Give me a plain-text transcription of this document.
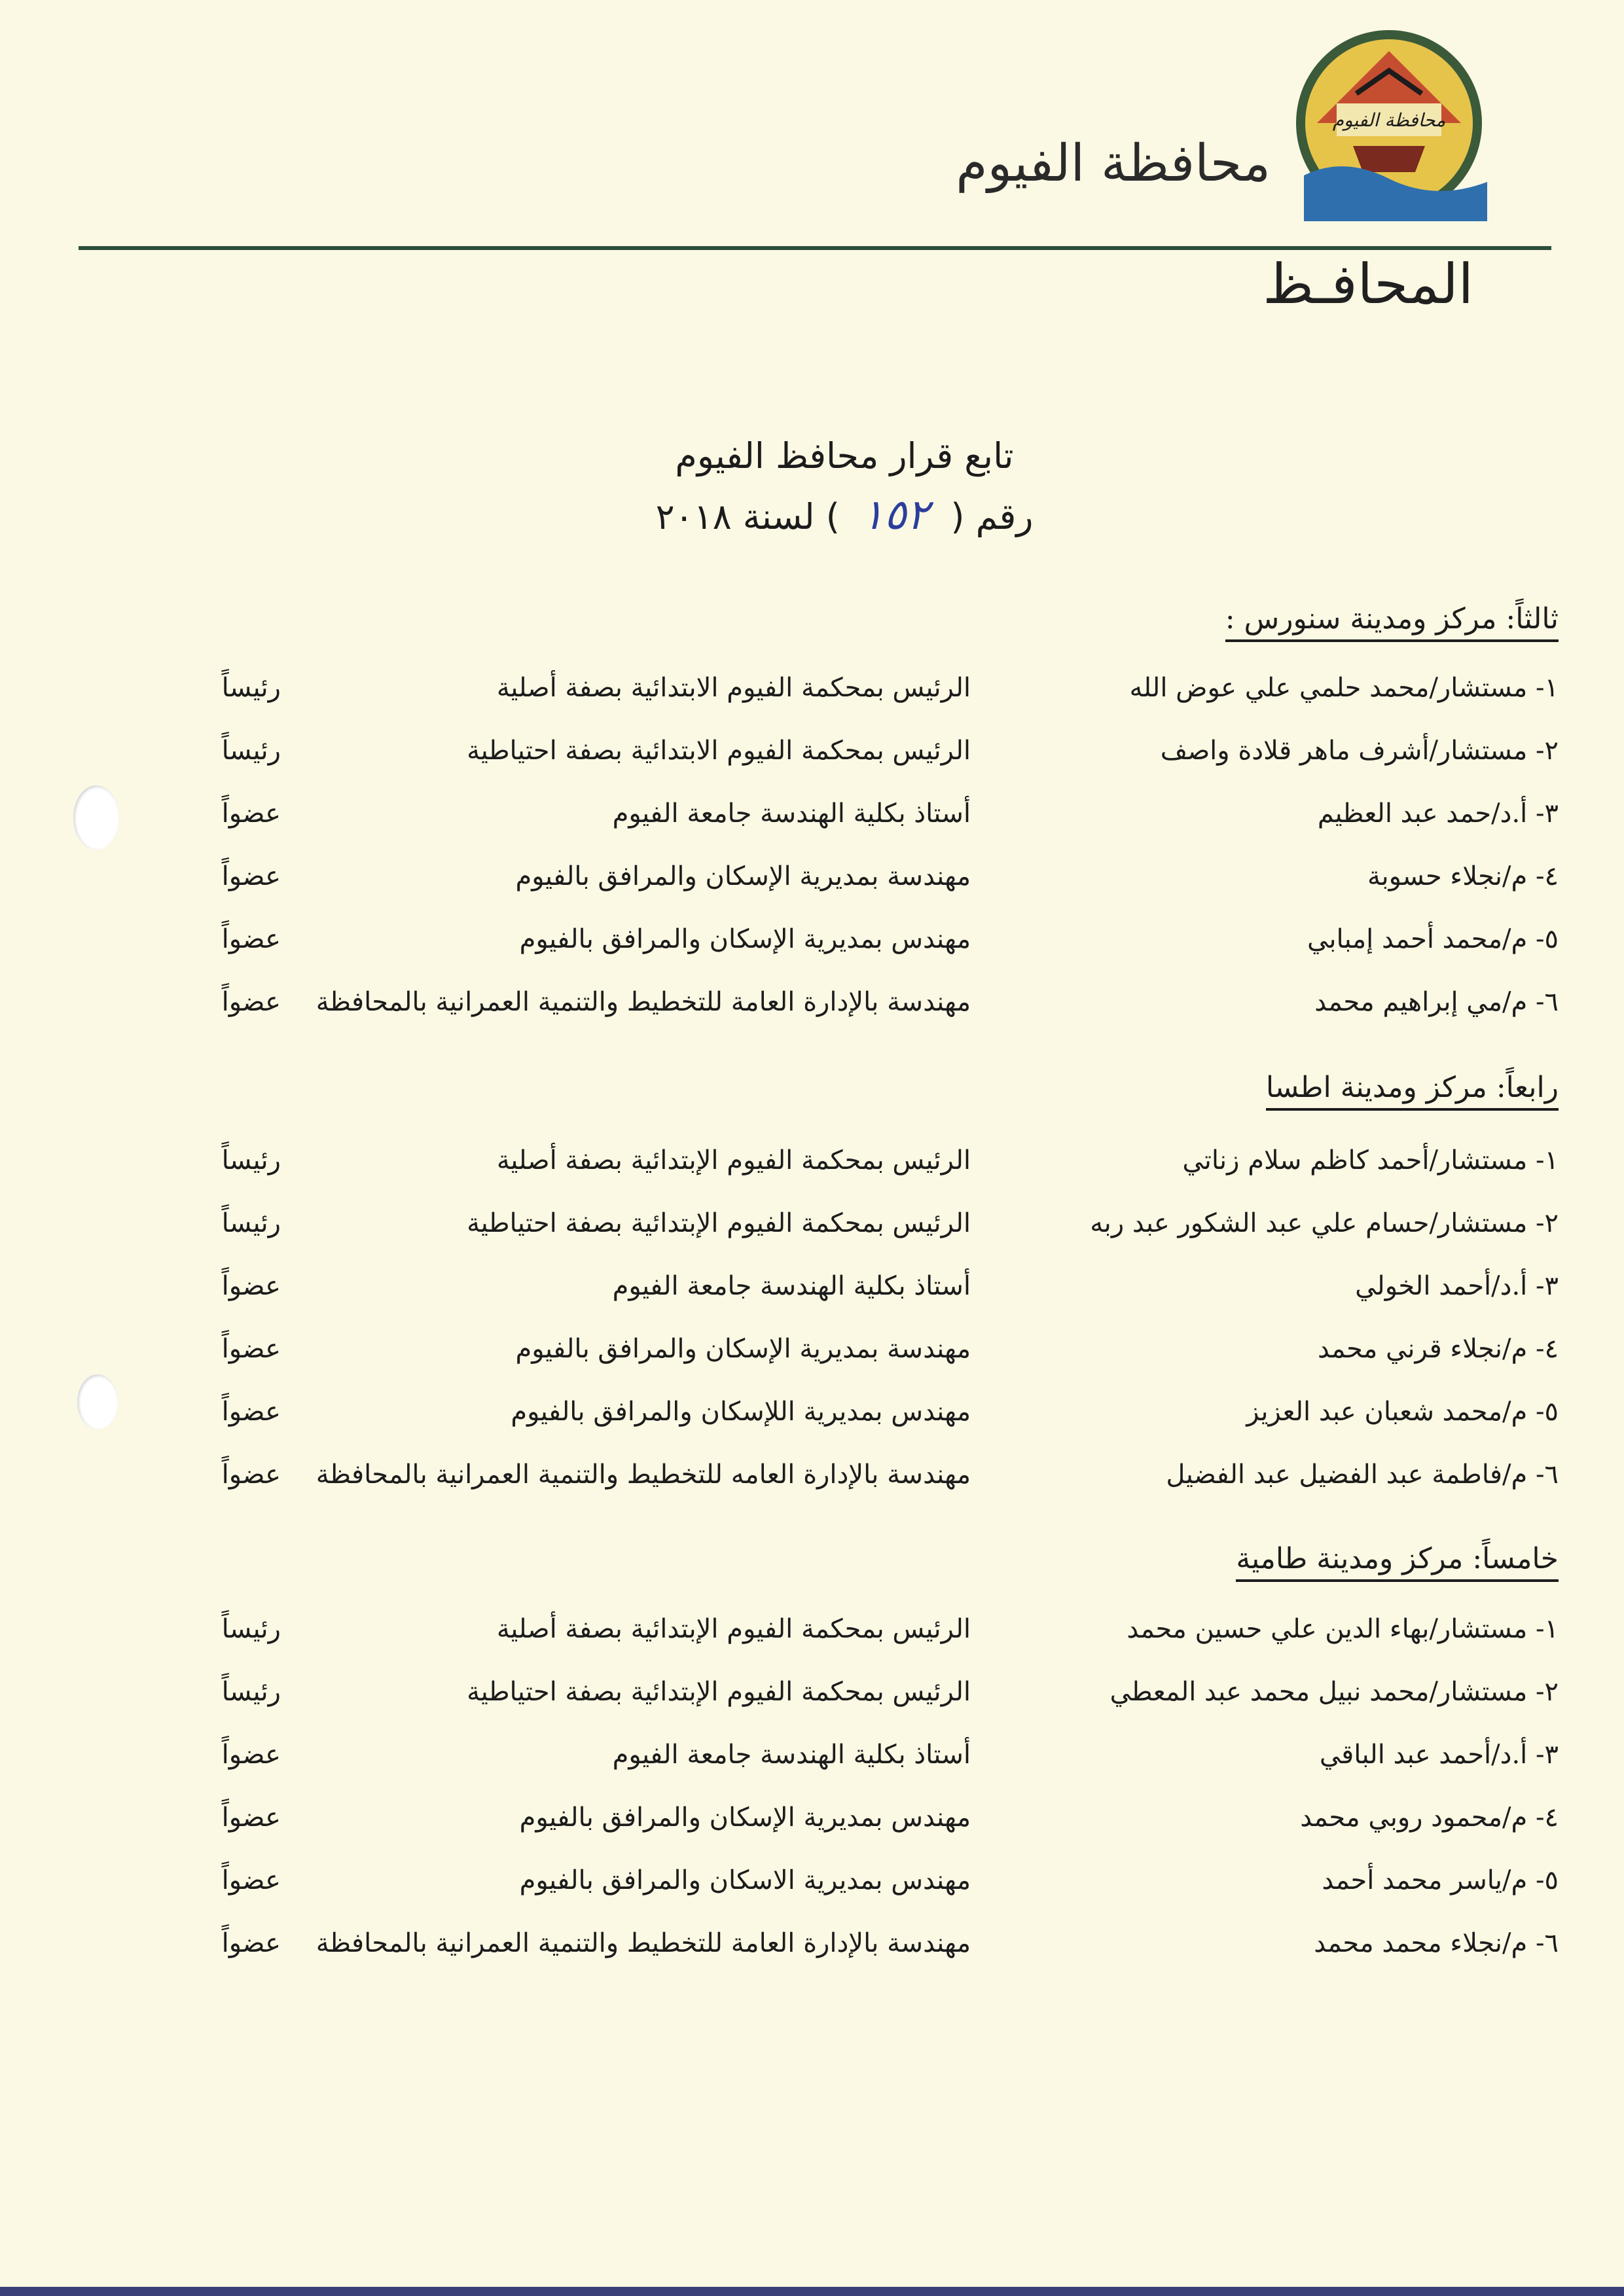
محافظة الفيوم
محافظة الفيوم
المحافـظ
تابع قرار محافظ الفيوم
رقم ( ١٥٢ ) لسنة ٢٠١٨
ثالثاً: مركز ومدينة سنورس :
١- مستشار/محمد حلمي علي عوض الله
الرئيس بمحكمة الفيوم الابتدائية بصفة أصلية
رئيساً
٢- مستشار/أشرف ماهر قلادة واصف
الرئيس بمحكمة الفيوم الابتدائية بصفة احتياطية
رئيساً
٣- أ.د/حمد عبد العظيم
أستاذ بكلية الهندسة جامعة الفيوم
عضواً
٤- م/نجلاء حسوبة
مهندسة بمديرية الإسكان والمرافق بالفيوم
عضواً
٥- م/محمد أحمد إمبابي
مهندس بمديرية الإسكان والمرافق بالفيوم
عضواً
٦- م/مي إبراهيم محمد
مهندسة بالإدارة العامة للتخطيط والتنمية العمرانية بالمحافظة
عضواً
رابعاً: مركز ومدينة اطسا
١- مستشار/أحمد كاظم سلام زناتي
الرئيس بمحكمة الفيوم الإبتدائية بصفة أصلية
رئيساً
٢- مستشار/حسام علي عبد الشكور عبد ربه
الرئيس بمحكمة الفيوم الإبتدائية بصفة احتياطية
رئيساً
٣- أ.د/أحمد الخولي
أستاذ بكلية الهندسة جامعة الفيوم
عضواً
٤- م/نجلاء قرني محمد
مهندسة بمديرية الإسكان والمرافق بالفيوم
عضواً
٥- م/محمد شعبان عبد العزيز
مهندس بمديرية اللإسكان والمرافق بالفيوم
عضواً
٦- م/فاطمة عبد الفضيل عبد الفضيل
مهندسة بالإدارة العامه للتخطيط والتنمية العمرانية بالمحافظة
عضواً
خامساً: مركز ومدينة طامية
١- مستشار/بهاء الدين علي حسين محمد
الرئيس بمحكمة الفيوم الإبتدائية بصفة أصلية
رئيساً
٢- مستشار/محمد نبيل محمد عبد المعطي
الرئيس بمحكمة الفيوم الإبتدائية بصفة احتياطية
رئيساً
٣- أ.د/أحمد عبد الباقي
أستاذ بكلية الهندسة جامعة الفيوم
عضواً
٤- م/محمود روبي محمد
مهندس بمديرية الإسكان والمرافق بالفيوم
عضواً
٥- م/ياسر محمد أحمد
مهندس بمديرية الاسكان والمرافق بالفيوم
عضواً
٦- م/نجلاء محمد محمد
مهندسة بالإدارة العامة للتخطيط والتنمية العمرانية بالمحافظة
عضواً
